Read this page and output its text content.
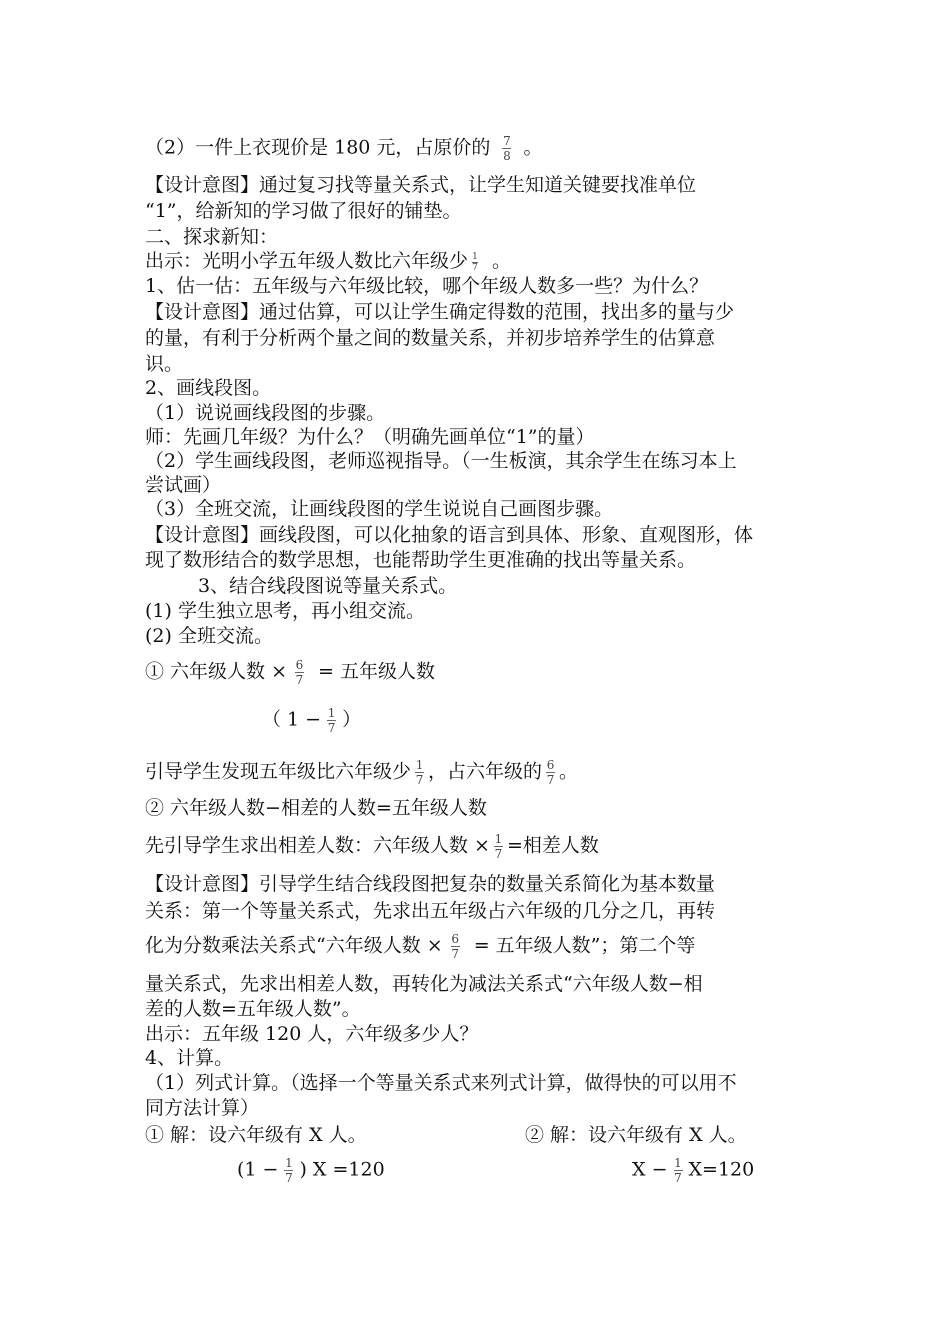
（2）一件上衣现价是 180 元，占原价的 $\frac{7}{8}$ 。
【设计意图】通过复习找等量关系式，让学生知道关键要找准单位
“1”，给新知的学习做了很好的铺垫。
二、探求新知：
出示：光明小学五年级人数比六年级少 $\frac{1}{7}$ 。
1、估一估：五年级与六年级比较，哪个年级人数多一些？为什么？
【设计意图】通过估算，可以让学生确定得数的范围，找出多的量与少
的量，有利于分析两个量之间的数量关系，并初步培养学生的估算意
识。
2、画线段图。
（1）说说画线段图的步骤。
师：先画几年级？为什么？（明确先画单位“1”的量）
（2）学生画线段图，老师巡视指导。（一生板演，其余学生在练习本上
尝试画）
（3）全班交流，让画线段图的学生说说自己画图步骤。
【设计意图】画线段图，可以化抽象的语言到具体、形象、直观图形，体
现了数形结合的数学思想，也能帮助学生更准确的找出等量关系。
3、结合线段图说等量关系式。
(1) 学生独立思考，再小组交流。
(2) 全班交流。
① 六年级人数 × $\frac{6}{7}$ = 五年级人数
（ $1 - \frac{1}{7}$ ）
引导学生发现五年级比六年级少 $\frac{1}{7}$ ，占六年级的 $\frac{6}{7}$ 。
② 六年级人数−相差的人数=五年级人数
先引导学生求出相差人数：六年级人数 × $\frac{1}{7}$ =相差人数
【设计意图】引导学生结合线段图把复杂的数量关系简化为基本数量
关系：第一个等量关系式，先求出五年级占六年级的几分之几，再转
化为分数乘法关系式“六年级人数 × $\frac{6}{7}$ = 五年级人数”；第二个等
量关系式，先求出相差人数，再转化为减法关系式“六年级人数−相
差的人数=五年级人数”。
出示：五年级 120 人，六年级多少人？
4、计算。
（1）列式计算。（选择一个等量关系式来列式计算，做得快的可以用不
同方法计算）
① 解：设六年级有 X 人。	② 解：设六年级有 X 人。
($1 - \frac{1}{7}$ ) X =120	$X - \frac{1}{7} X=120$
